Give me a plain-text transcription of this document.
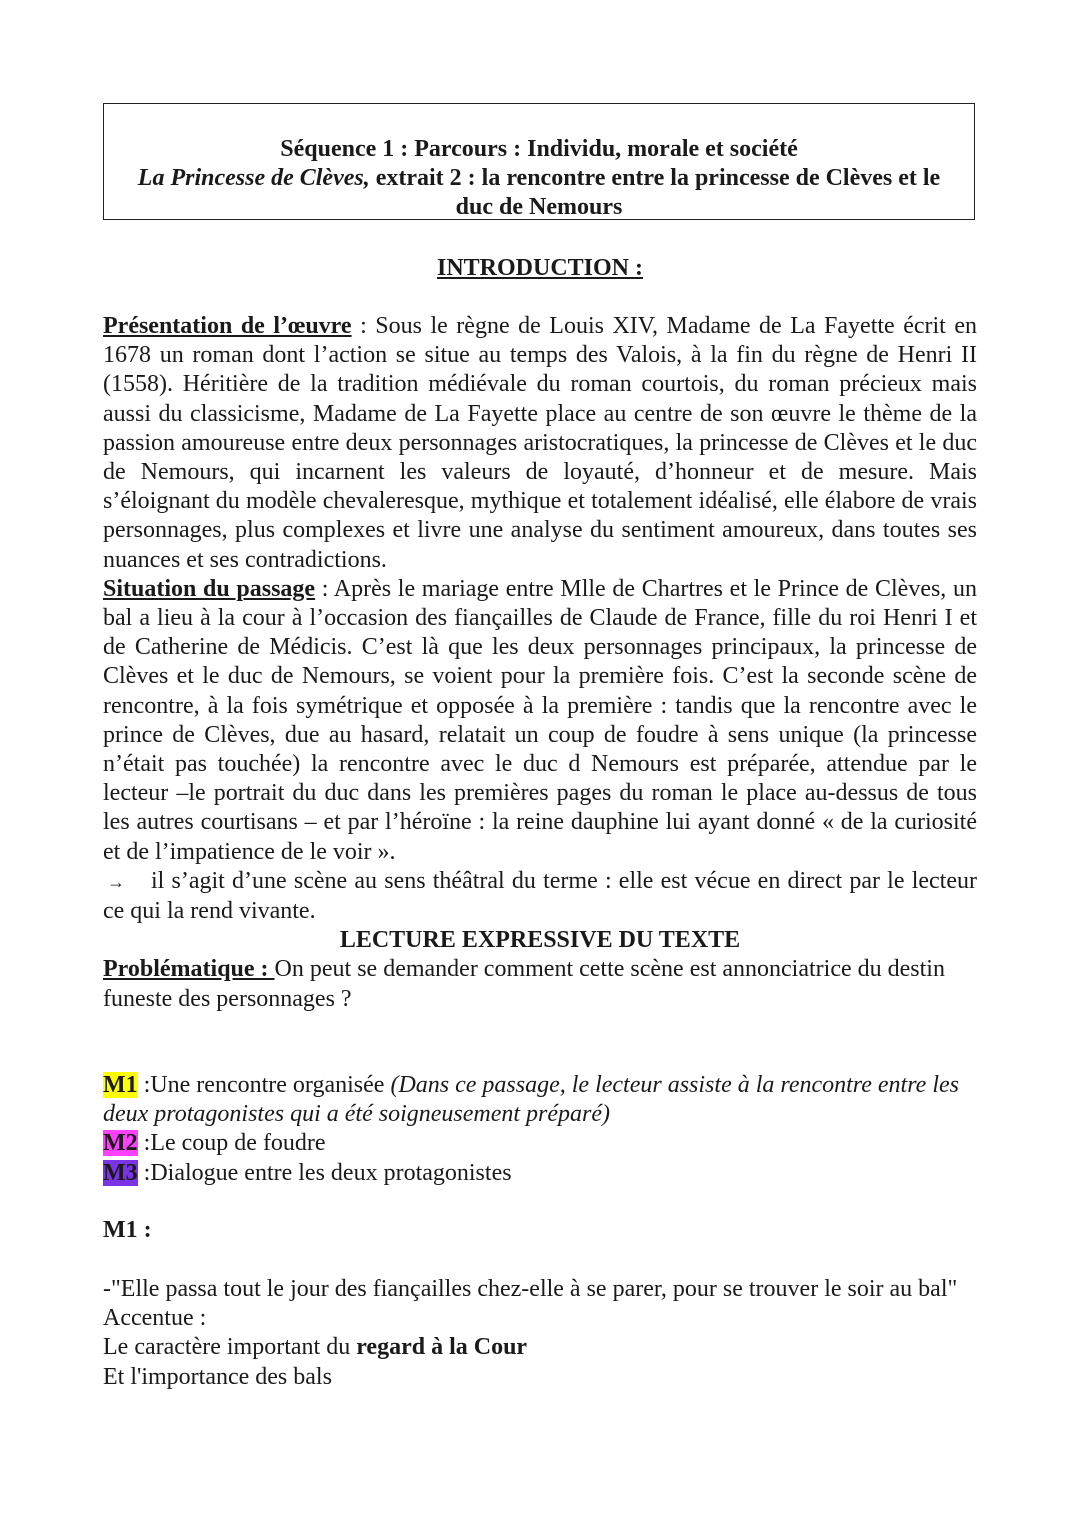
Séquence 1 : Parcours : Individu, morale et société
La Princesse de Clèves, extrait 2 : la rencontre entre la princesse de Clèves et le
duc de Nemours
INTRODUCTION :
Présentation de l’œuvre : Sous le règne de Louis XIV, Madame de La Fayette écrit en 1678 un roman dont l’action se situe au temps des Valois, à la fin du règne de Henri II (1558). Héritière de la tradition médiévale du roman courtois, du roman précieux mais aussi du classicisme, Madame de La Fayette place au centre de son œuvre le thème de la passion amoureuse entre deux personnages aristocratiques, la princesse de Clèves et le duc de Nemours, qui incarnent les valeurs de loyauté, d’honneur et de mesure. Mais s’éloignant du modèle chevaleresque, mythique et totalement idéalisé, elle élabore de vrais personnages, plus complexes et livre une analyse du sentiment amoureux, dans toutes ses nuances et ses contradictions.
Situation du passage : Après le mariage entre Mlle de Chartres et le Prince de Clèves, un bal a lieu à la cour à l’occasion des fiançailles de Claude de France, fille du roi Henri I et de Catherine de Médicis. C’est là que les deux personnages principaux, la princesse de Clèves et le duc de Nemours, se voient pour la première fois. C’est la seconde scène de rencontre, à la fois symétrique et opposée à la première : tandis que la rencontre avec le prince de Clèves, due au hasard, relatait un coup de foudre à sens unique (la princesse n’était pas touchée) la rencontre avec le duc d Nemours est préparée, attendue par le lecteur –le portrait du duc dans les premières pages du roman le place au-dessus de tous les autres courtisans – et par l’héroïne : la reine dauphine lui ayant donné « de la curiosité et de l’impatience de le voir ».
→ il s’agit d’une scène au sens théâtral du terme : elle est vécue en direct par le lecteur ce qui la rend vivante.
LECTURE EXPRESSIVE DU TEXTE
Problématique : On peut se demander comment cette scène est annonciatrice du destin funeste des personnages ?
M1 :Une rencontre organisée (Dans ce passage, le lecteur assiste à la rencontre entre les deux protagonistes qui a été soigneusement préparé)
M2 :Le coup de foudre
M3 :Dialogue entre les deux protagonistes
M1 :
-"Elle passa tout le jour des fiançailles chez-elle à se parer, pour se trouver le soir au bal"
Accentue :
Le caractère important du regard à la Cour
Et l'importance des bals
